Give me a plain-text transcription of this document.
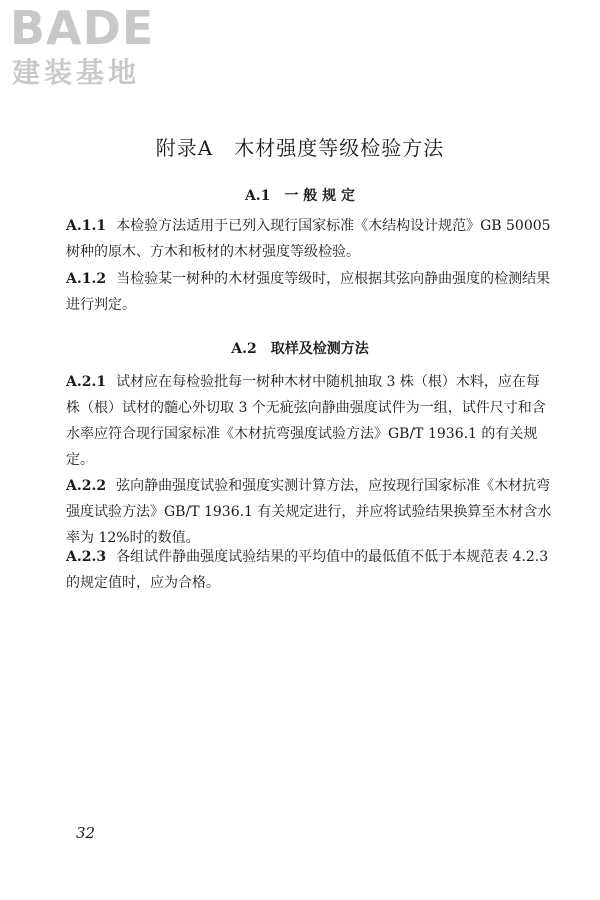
BADE
建装基地
附录A　木材强度等级检验方法
A.1　一 般 规 定
A.1.1 本检验方法适用于已列入现行国家标准《木结构设计规范》GB 50005 树种的原木、方木和板材的木材强度等级检验。
A.1.2 当检验某一树种的木材强度等级时，应根据其弦向静曲强度的检测结果进行判定。
A.2　取样及检测方法
A.2.1 试材应在每检验批每一树种木材中随机抽取 3 株（根）木料，应在每株（根）试材的髓心外切取 3 个无疵弦向静曲强度试件为一组，试件尺寸和含水率应符合现行国家标准《木材抗弯强度试验方法》GB/T 1936.1 的有关规定。
A.2.2 弦向静曲强度试验和强度实测计算方法，应按现行国家标准《木材抗弯强度试验方法》GB/T 1936.1 有关规定进行，并应将试验结果换算至木材含水率为 12%时的数值。
A.2.3 各组试件静曲强度试验结果的平均值中的最低值不低于本规范表 4.2.3 的规定值时，应为合格。
32
